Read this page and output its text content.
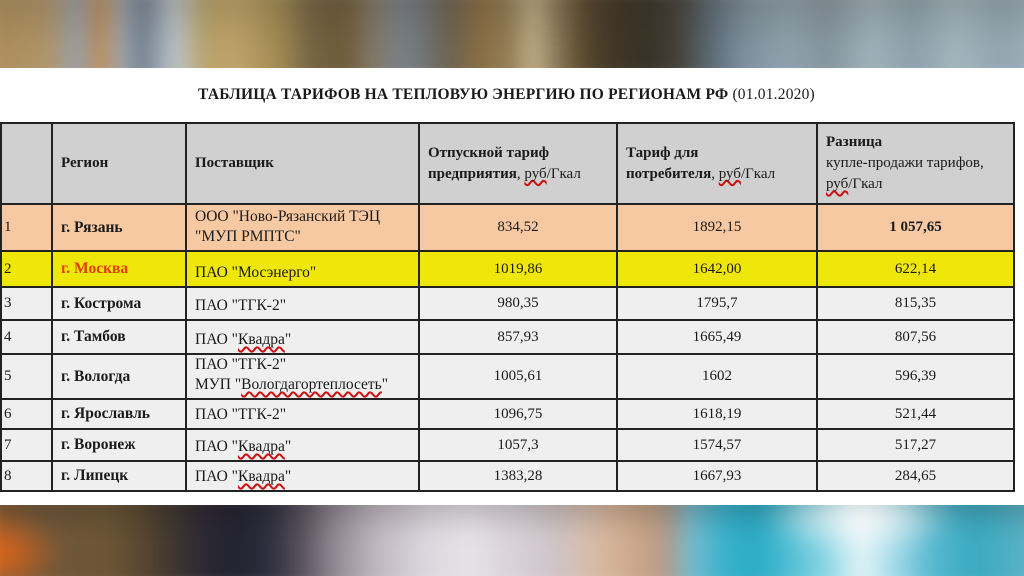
ТАБЛИЦА ТАРИФОВ НА ТЕПЛОВУЮ ЭНЕРГИЮ ПО РЕГИОНАМ РФ (01.01.2020)
	Регион	Поставщик	Отпускной тариф
предприятия, руб/Гкал	Тариф для
потребителя, руб/Гкал	Разница
купле-продажи тарифов,
руб/Гкал
1	г. Рязань	ООО "Ново-Рязанский ТЭЦ
"МУП РМПТС"	834,52	1892,15	1 057,65
2	г. Москва	ПАО "Мосэнерго"	1019,86	1642,00	622,14
3	г. Кострома	ПАО "ТГК-2"	980,35	1795,7	815,35
4	г. Тамбов	ПАО "Квадра"	857,93	1665,49	807,56
5	г. Вологда	ПАО "ТГК-2"
МУП "Вологдагортеплосеть"	1005,61	1602	596,39
6	г. Ярославль	ПАО "ТГК-2"	1096,75	1618,19	521,44
7	г. Воронеж	ПАО "Квадра"	1057,3	1574,57	517,27
8	г. Липецк	ПАО "Квадра"	1383,28	1667,93	284,65
